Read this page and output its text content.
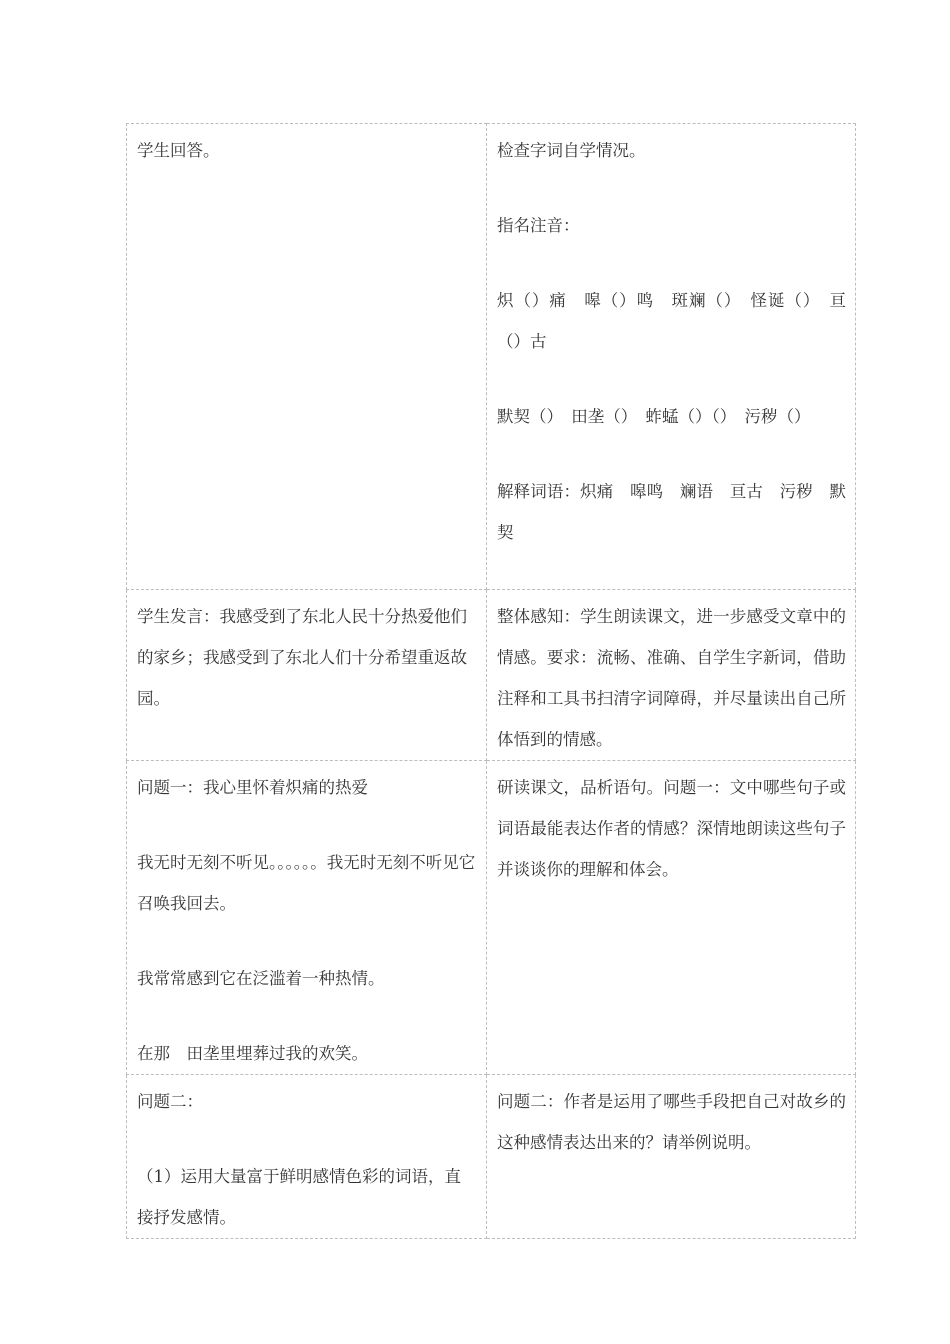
学生回答。	检查字词自学情况。
指名注音：
炽（）痛　嗥（）鸣　斑斓（）　怪诞（）　亘（）古
默契（）　田垄（）　蚱蜢（）（）　污秽（）
解释词语：炽痛　嗥鸣　斓语　亘古　污秽　默契

学生发言：我感受到了东北人民十分热爱他们的家乡；我感受到了东北人们十分希望重返故园。	整体感知：学生朗读课文，进一步感受文章中的情感。要求：流畅、准确、自学生字新词，借助注释和工具书扫清字词障碍，并尽量读出自己所体悟到的情感。

问题一：我心里怀着炽痛的热爱
我无时无刻不听见。。。。。。我无时无刻不听见它召唤我回去。
我常常感到它在泛滥着一种热情。
在那　田垄里埋葬过我的欢笑。	研读课文，品析语句。问题一：文中哪些句子或词语最能表达作者的情感？深情地朗读这些句子并谈谈你的理解和体会。

问题二：
（1）运用大量富于鲜明感情色彩的词语，直接抒发感情。	问题二：作者是运用了哪些手段把自己对故乡的这种感情表达出来的？请举例说明。
